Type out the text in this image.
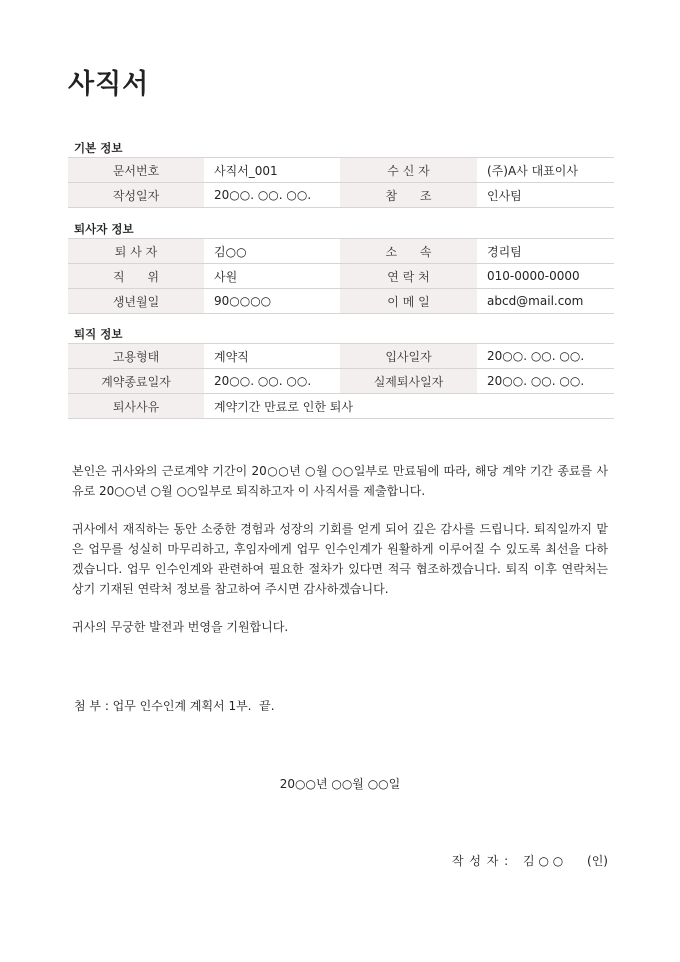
사직서
기본 정보
문서번호	사직서_001	수 신 자	(주)A사 대표이사
작성일자	20○○. ○○. ○○.	참      조	인사팀
퇴사자 정보
퇴 사 자	김○○	소      속	경리팀
직      위	사원	연 락 처	010-0000-0000
생년월일	90○○○○	이 메 일	abcd@mail.com
퇴직 정보
고용형태	계약직	입사일자	20○○. ○○. ○○.
계약종료일자	20○○. ○○. ○○.	실제퇴사일자	20○○. ○○. ○○.
퇴사사유	계약기간 만료로 인한 퇴사		

본인은 귀사와의 근로계약 기간이 20○○년 ○월 ○○일부로 만료됨에 따라, 해당 계약 기간 종료를 사유로 20○○년 ○월 ○○일부로 퇴직하고자 이 사직서를 제출합니다.

귀사에서 재직하는 동안 소중한 경험과 성장의 기회를 얻게 되어 깊은 감사를 드립니다. 퇴직일까지 맡은 업무를 성실히 마무리하고, 후임자에게 업무 인수인계가 원활하게 이루어질 수 있도록 최선을 다하겠습니다. 업무 인수인계와 관련하여 필요한 절차가 있다면 적극 협조하겠습니다. 퇴직 이후 연락처는 상기 기재된 연락처 정보를 참고하여 주시면 감사하겠습니다.

귀사의 무궁한 발전과 번영을 기원합니다.

첨 부 : 업무 인수인계 계획서 1부.  끝.
20○○년 ○○월 ○○일
작 성 자 : 김 ○ ○ (인)
